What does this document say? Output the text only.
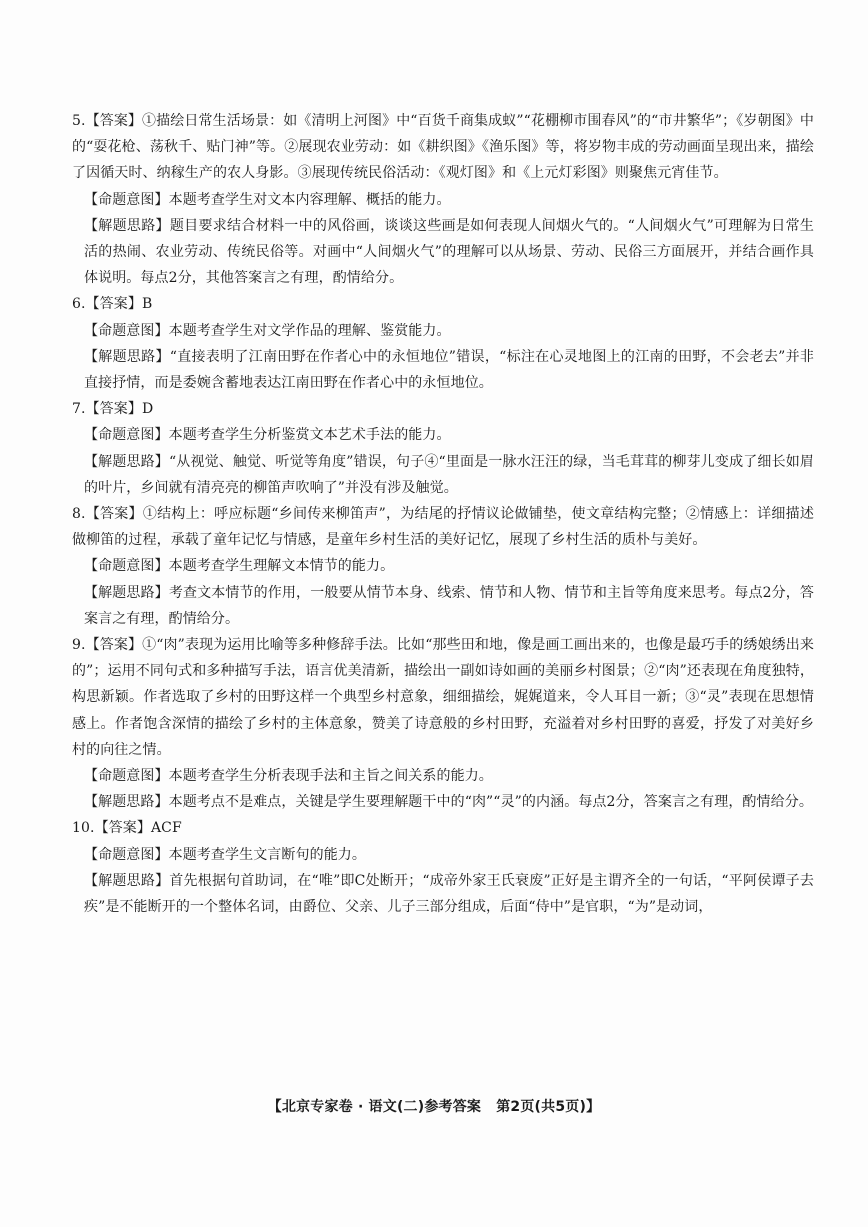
5.【答案】①描绘日常生活场景：如《清明上河图》中“百货千商集成蚁”“花棚柳市围春风”的“市井繁华”；《岁朝图》中的“耍花枪、荡秋千、贴门神”等。②展现农业劳动：如《耕织图》《渔乐图》等，将岁物丰成的劳动画面呈现出来，描绘了因循天时、纳稼生产的农人身影。③展现传统民俗活动：《观灯图》和《上元灯彩图》则聚焦元宵佳节。

【命题意图】本题考查学生对文本内容理解、概括的能力。

【解题思路】题目要求结合材料一中的风俗画，谈谈这些画是如何表现人间烟火气的。“人间烟火气”可理解为日常生活的热闹、农业劳动、传统民俗等。对画中“人间烟火气”的理解可以从场景、劳动、民俗三方面展开，并结合画作具体说明。每点2分，其他答案言之有理，酌情给分。

6.【答案】B

【命题意图】本题考查学生对文学作品的理解、鉴赏能力。

【解题思路】“直接表明了江南田野在作者心中的永恒地位”错误，“标注在心灵地图上的江南的田野，不会老去”并非直接抒情，而是委婉含蓄地表达江南田野在作者心中的永恒地位。

7.【答案】D

【命题意图】本题考查学生分析鉴赏文本艺术手法的能力。

【解题思路】“从视觉、触觉、听觉等角度”错误，句子④“里面是一脉水汪汪的绿，当毛茸茸的柳芽儿变成了细长如眉的叶片，乡间就有清亮亮的柳笛声吹响了”并没有涉及触觉。

8.【答案】①结构上：呼应标题“乡间传来柳笛声”，为结尾的抒情议论做铺垫，使文章结构完整；②情感上：详细描述做柳笛的过程，承载了童年记忆与情感，是童年乡村生活的美好记忆，展现了乡村生活的质朴与美好。

【命题意图】本题考查学生理解文本情节的能力。

【解题思路】考查文本情节的作用，一般要从情节本身、线索、情节和人物、情节和主旨等角度来思考。每点2分，答案言之有理，酌情给分。

9.【答案】①“肉”表现为运用比喻等多种修辞手法。比如“那些田和地，像是画工画出来的，也像是最巧手的绣娘绣出来的”；运用不同句式和多种描写手法，语言优美清新，描绘出一副如诗如画的美丽乡村图景；②“肉”还表现在角度独特，构思新颖。作者选取了乡村的田野这样一个典型乡村意象，细细描绘，娓娓道来，令人耳目一新；③“灵”表现在思想情感上。作者饱含深情的描绘了乡村的主体意象，赞美了诗意般的乡村田野，充溢着对乡村田野的喜爱，抒发了对美好乡村的向往之情。

【命题意图】本题考查学生分析表现手法和主旨之间关系的能力。

【解题思路】本题考点不是难点，关键是学生要理解题干中的“肉”“灵”的内涵。每点2分，答案言之有理，酌情给分。

10.【答案】ACF

【命题意图】本题考查学生文言断句的能力。

【解题思路】首先根据句首助词，在“唯”即C处断开；“成帝外家王氏衰废”正好是主谓齐全的一句话，“平阿侯谭子去疾”是不能断开的一个整体名词，由爵位、父亲、儿子三部分组成，后面“侍中”是官职，“为”是动词，

【北京专家卷 · 语文(二)参考答案 第2页(共5页)】
